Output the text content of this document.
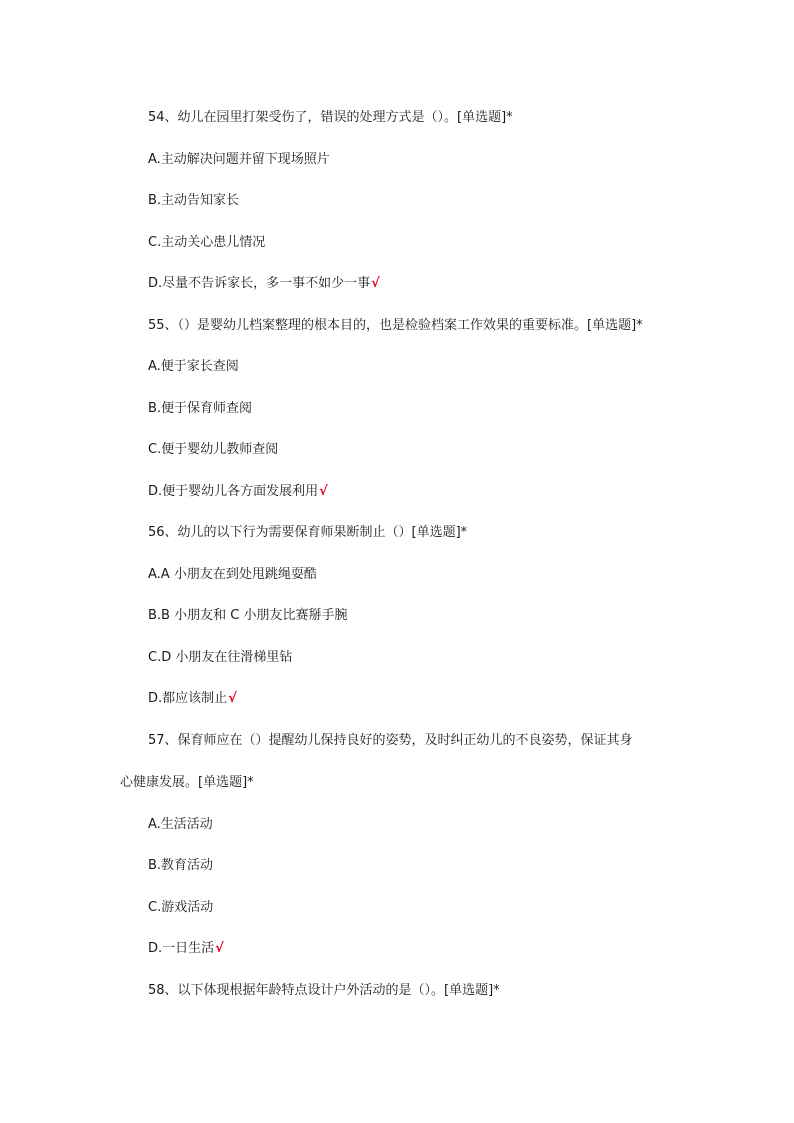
54、幼儿在园里打架受伤了，错误的处理方式是（）。[单选题]*
A.主动解决问题并留下现场照片
B.主动告知家长
C.主动关心患儿情况
D.尽量不告诉家长，多一事不如少一事√
55、（）是婴幼儿档案整理的根本目的，也是检验档案工作效果的重要标准。[单选题]*
A.便于家长查阅
B.便于保育师查阅
C.便于婴幼儿教师查阅
D.便于婴幼儿各方面发展利用√
56、幼儿的以下行为需要保育师果断制止（）[单选题]*
A.A 小朋友在到处甩跳绳耍酷
B.B 小朋友和 C 小朋友比赛掰手腕
C.D 小朋友在往滑梯里钻
D.都应该制止√
57、保育师应在（）提醒幼儿保持良好的姿势，及时纠正幼儿的不良姿势，保证其身
心健康发展。[单选题]*
A.生活活动
B.教育活动
C.游戏活动
D.一日生活√
58、以下体现根据年龄特点设计户外活动的是（）。[单选题]*
